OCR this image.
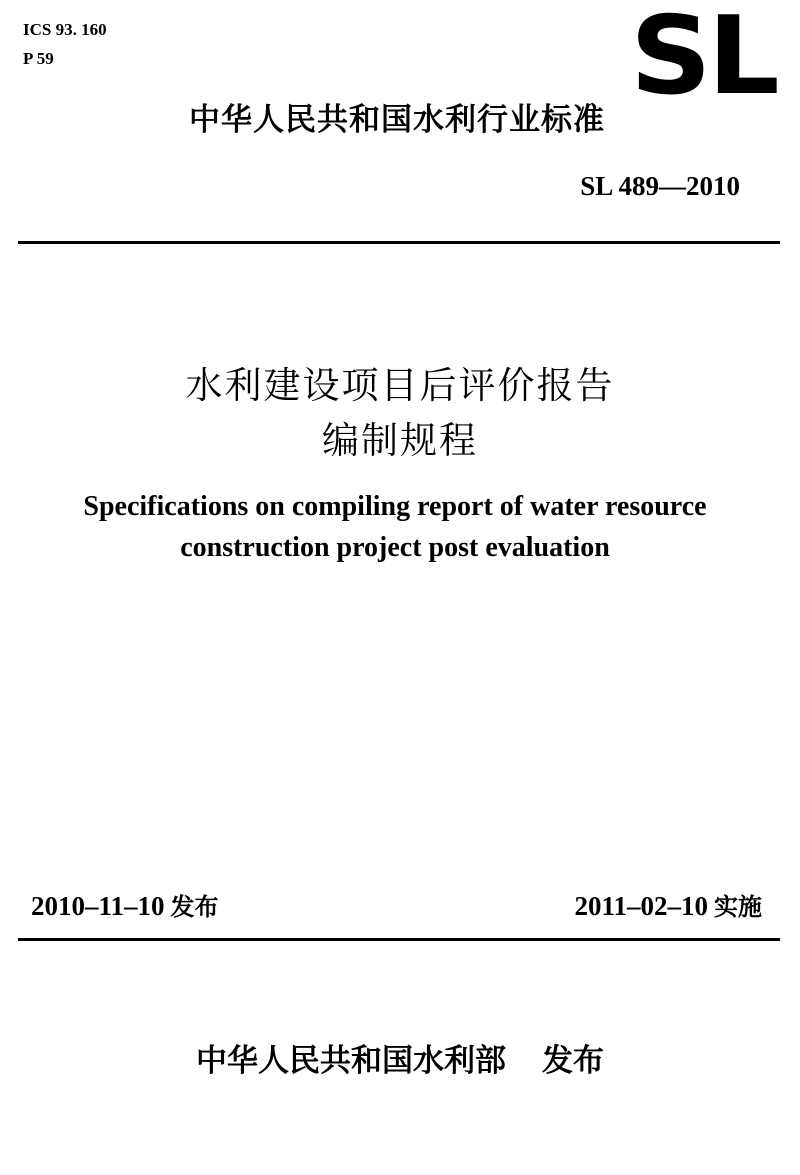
ICS 93. 160
P 59	SL
中华人民共和国水利行业标准
SL 489—2010
水利建设项目后评价报告
编制规程
Specifications on compiling report of water resource
construction project post evaluation
2010–11–10 发布	2011–02–10 实施
中华人民共和国水利部 发布
